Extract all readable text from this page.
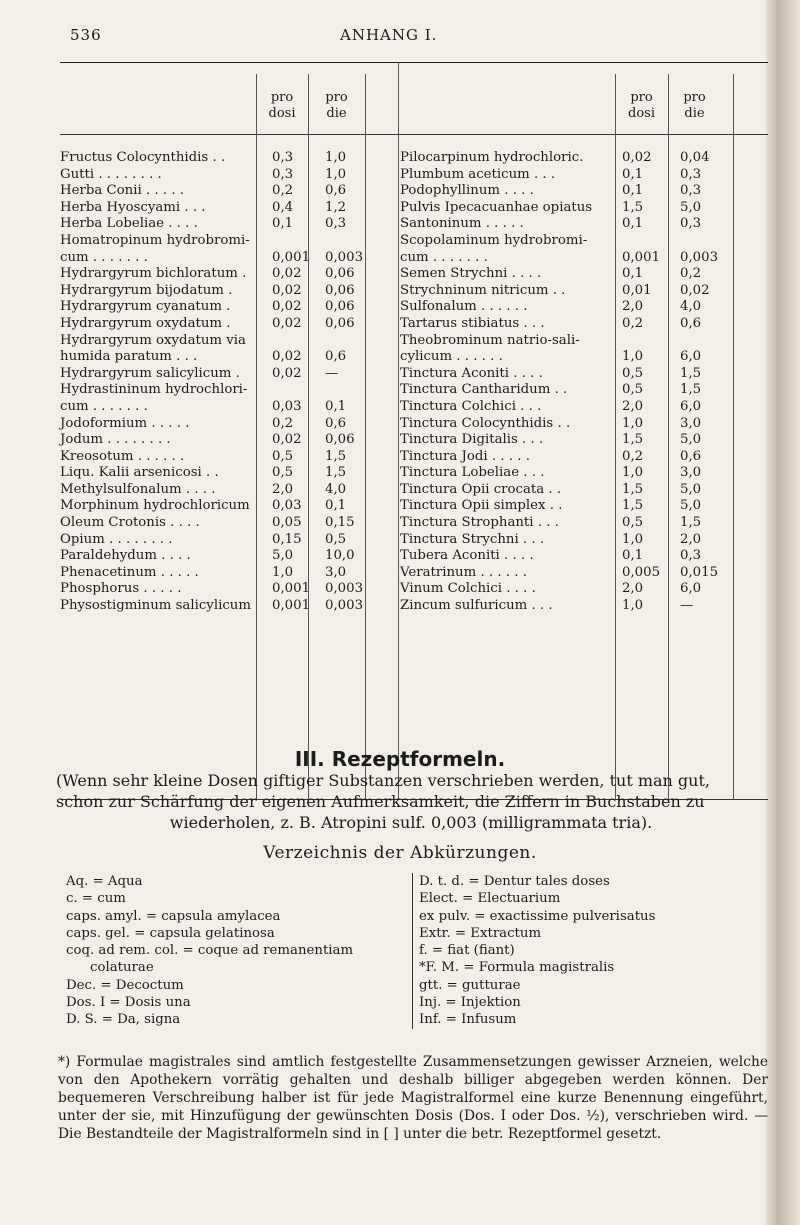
536	ANHANG I.
pro
dosi
pro
die
Fructus Colocynthidis . .	0,3 1,0
Gutti . . . . . . . .	0,3 1,0
Herba Conii . . . . .	0,2 0,6
Herba Hyoscyami . . .	0,4 1,2
Herba Lobeliae . . . .	0,1 0,3
Homatropinum hydrobromi- cum . . . . . . .	0,001 0,003
Hydrargyrum bichloratum .	0,02 0,06
Hydrargyrum bijodatum .	0,02 0,06
Hydrargyrum cyanatum .	0,02 0,06
Hydrargyrum oxydatum .	0,02 0,06
Hydrargyrum oxydatum via humida paratum . . .	0,02 0,6
Hydrargyrum salicylicum .	0,02 —
Hydrastininum hydrochlori- cum . . . . . . .	0,03 0,1
Jodoformium . . . . .	0,2 0,6
Jodum . . . . . . . .	0,02 0,06
Kreosotum . . . . . .	0,5 1,5
Liqu. Kalii arsenicosi . .	0,5 1,5
Methylsulfonalum . . . .	2,0 4,0
Morphinum hydrochloricum	0,03 0,1
Oleum Crotonis . . . .	0,05 0,15
Opium . . . . . . . .	0,15 0,5
Paraldehydum . . . .	5,0 10,0
Phenacetinum . . . . .	1,0 3,0
Phosphorus . . . . .	0,001 0,003
Physostigminum salicylicum	0,001 0,003
pro
dosi
pro
die
Pilocarpinum hydrochloric.	0,02 0,04
Plumbum aceticum . . .	0,1	0,3
Podophyllinum . . . .	0,1	0,3
Pulvis Ipecacuanhae opiatus	1,5	5,0
Santoninum . . . . .	0,1	0,3
Scopolaminum hydrobromi- cum . . . . . . .	0,001 0,003
Semen Strychni . . . .	0,1	0,2
Strychninum nitricum . .	0,01 0,02
Sulfonalum . . . . . .	2,0	4,0
Tartarus stibiatus . . .	0,2	0,6
Theobrominum natrio-sali- cylicum . . . . . .	1,0	6,0
Tinctura Aconiti . . . .	0,5	1,5
Tinctura Cantharidum . .	0,5	1,5
Tinctura Colchici . . .	2,0	6,0
Tinctura Colocynthidis . .	1,0	3,0
Tinctura Digitalis . . .	1,5	5,0
Tinctura Jodi . . . . .	0,2	0,6
Tinctura Lobeliae . . .	1,0	3,0
Tinctura Opii crocata . .	1,5	5,0
Tinctura Opii simplex . .	1,5	5,0
Tinctura Strophanti . . .	0,5	1,5
Tinctura Strychni . . .	1,0	2,0
Tubera Aconiti . . . .	0,1	0,3
Veratrinum . . . . . .	0,005 0,015
Vinum Colchici . . . .	2,0	6,0
Zincum sulfuricum . . .	1,0	—
III. Rezeptformeln.
(Wenn sehr kleine Dosen giftiger Substanzen verschrieben werden, tut man gut,
schon zur Schärfung der eigenen Aufmerksamkeit, die Ziffern in Buchstaben zu
wiederholen, z. B. Atropini sulf. 0,003 (milligrammata tria).
Verzeichnis der Abkürzungen.
Aq. = Aqua
c. = cum
caps. amyl. = capsula amylacea
caps. gel. = capsula gelatinosa
coq. ad rem. col. = coque ad remanentiam
colaturae
Dec. = Decoctum
Dos. I = Dosis una
D. S. = Da, signa
D. t. d. = Dentur tales doses
Elect. = Electuarium
ex pulv. = exactissime pulverisatus
Extr. = Extractum
f. = fiat (fiant)
*F. M. = Formula magistralis
gtt. = gutturae
Inj. = Injektion
Inf. = Infusum
*) Formulae magistrales sind amtlich festgestellte Zusammensetzungen gewisser Arzneien, welche von den Apothekern vorrätig gehalten und deshalb billiger abgegeben werden können. Der bequemeren Verschreibung halber ist für jede Magistralformel eine kurze Benennung eingeführt, unter der sie, mit Hinzufügung der gewünschten Dosis (Dos. I oder Dos. ½), verschrieben wird. — Die Bestandteile der Magistralformeln sind in [ ] unter die betr. Rezeptformel gesetzt.
